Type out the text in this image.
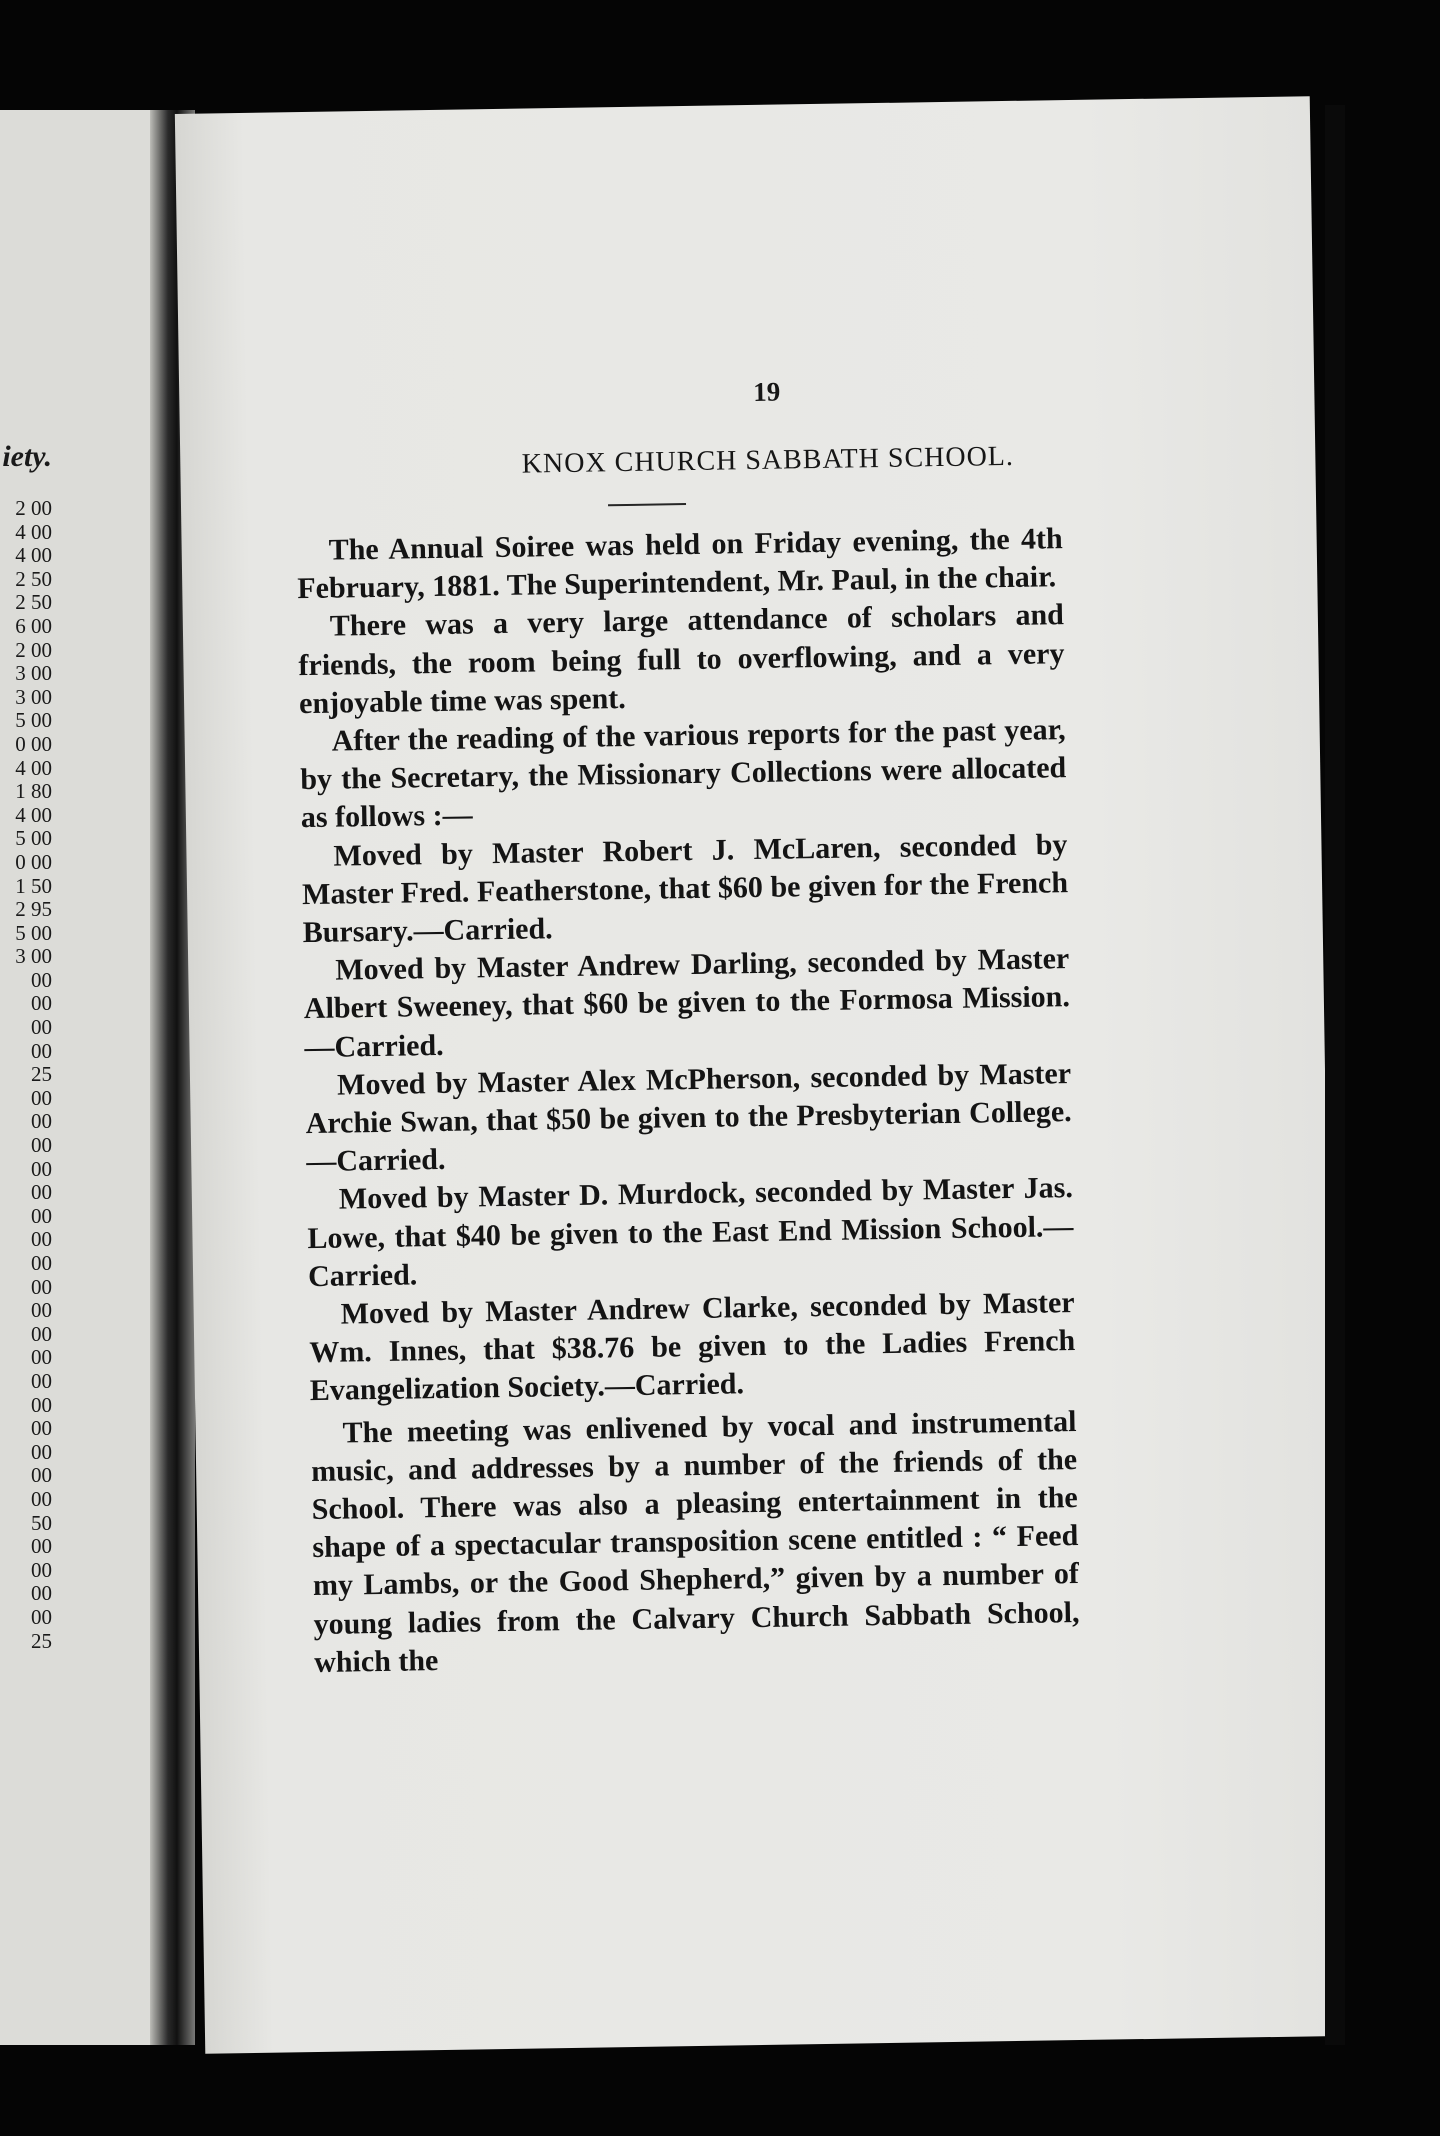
iety.
2 00
4 00
4 00
2 50
2 50
6 00
2 00
3 00
3 00
5 00
0 00
4 00
1 80
4 00
5 00
0 00
1 50
2 95
5 00
3 00
00
00
00
00
25
00
00
00
00
00
00
00
00
00
00
00
00
00
00
00
00
00
00
50
00
00
00
00
25
19
KNOX CHURCH SABBATH SCHOOL.

The Annual Soiree was held on Friday evening, the 4th February, 1881. The Superintendent, Mr. Paul, in the chair.

There was a very large attendance of scholars and friends, the room being full to overflowing, and a very enjoyable time was spent.

After the reading of the various reports for the past year, by the Secretary, the Missionary Collections were allocated as follows :—

Moved by Master Robert J. McLaren, seconded by Master Fred. Featherstone, that $60 be given for the French Bursary.—Carried.

Moved by Master Andrew Darling, seconded by Master Albert Sweeney, that $60 be given to the Formosa Mission.—Carried.

Moved by Master Alex McPherson, seconded by Master Archie Swan, that $50 be given to the Presbyterian College.—Carried.

Moved by Master D. Murdock, seconded by Master Jas. Lowe, that $40 be given to the East End Mission School.—Carried.

Moved by Master Andrew Clarke, seconded by Master Wm. Innes, that $38.76 be given to the Ladies French Evangelization Society.—Carried.

The meeting was enlivened by vocal and instrumental music, and addresses by a number of the friends of the School. There was also a pleasing entertainment in the shape of a spectacular transposition scene entitled : “ Feed my Lambs, or the Good Shepherd,” given by a number of young ladies from the Calvary Church Sabbath School, which the
